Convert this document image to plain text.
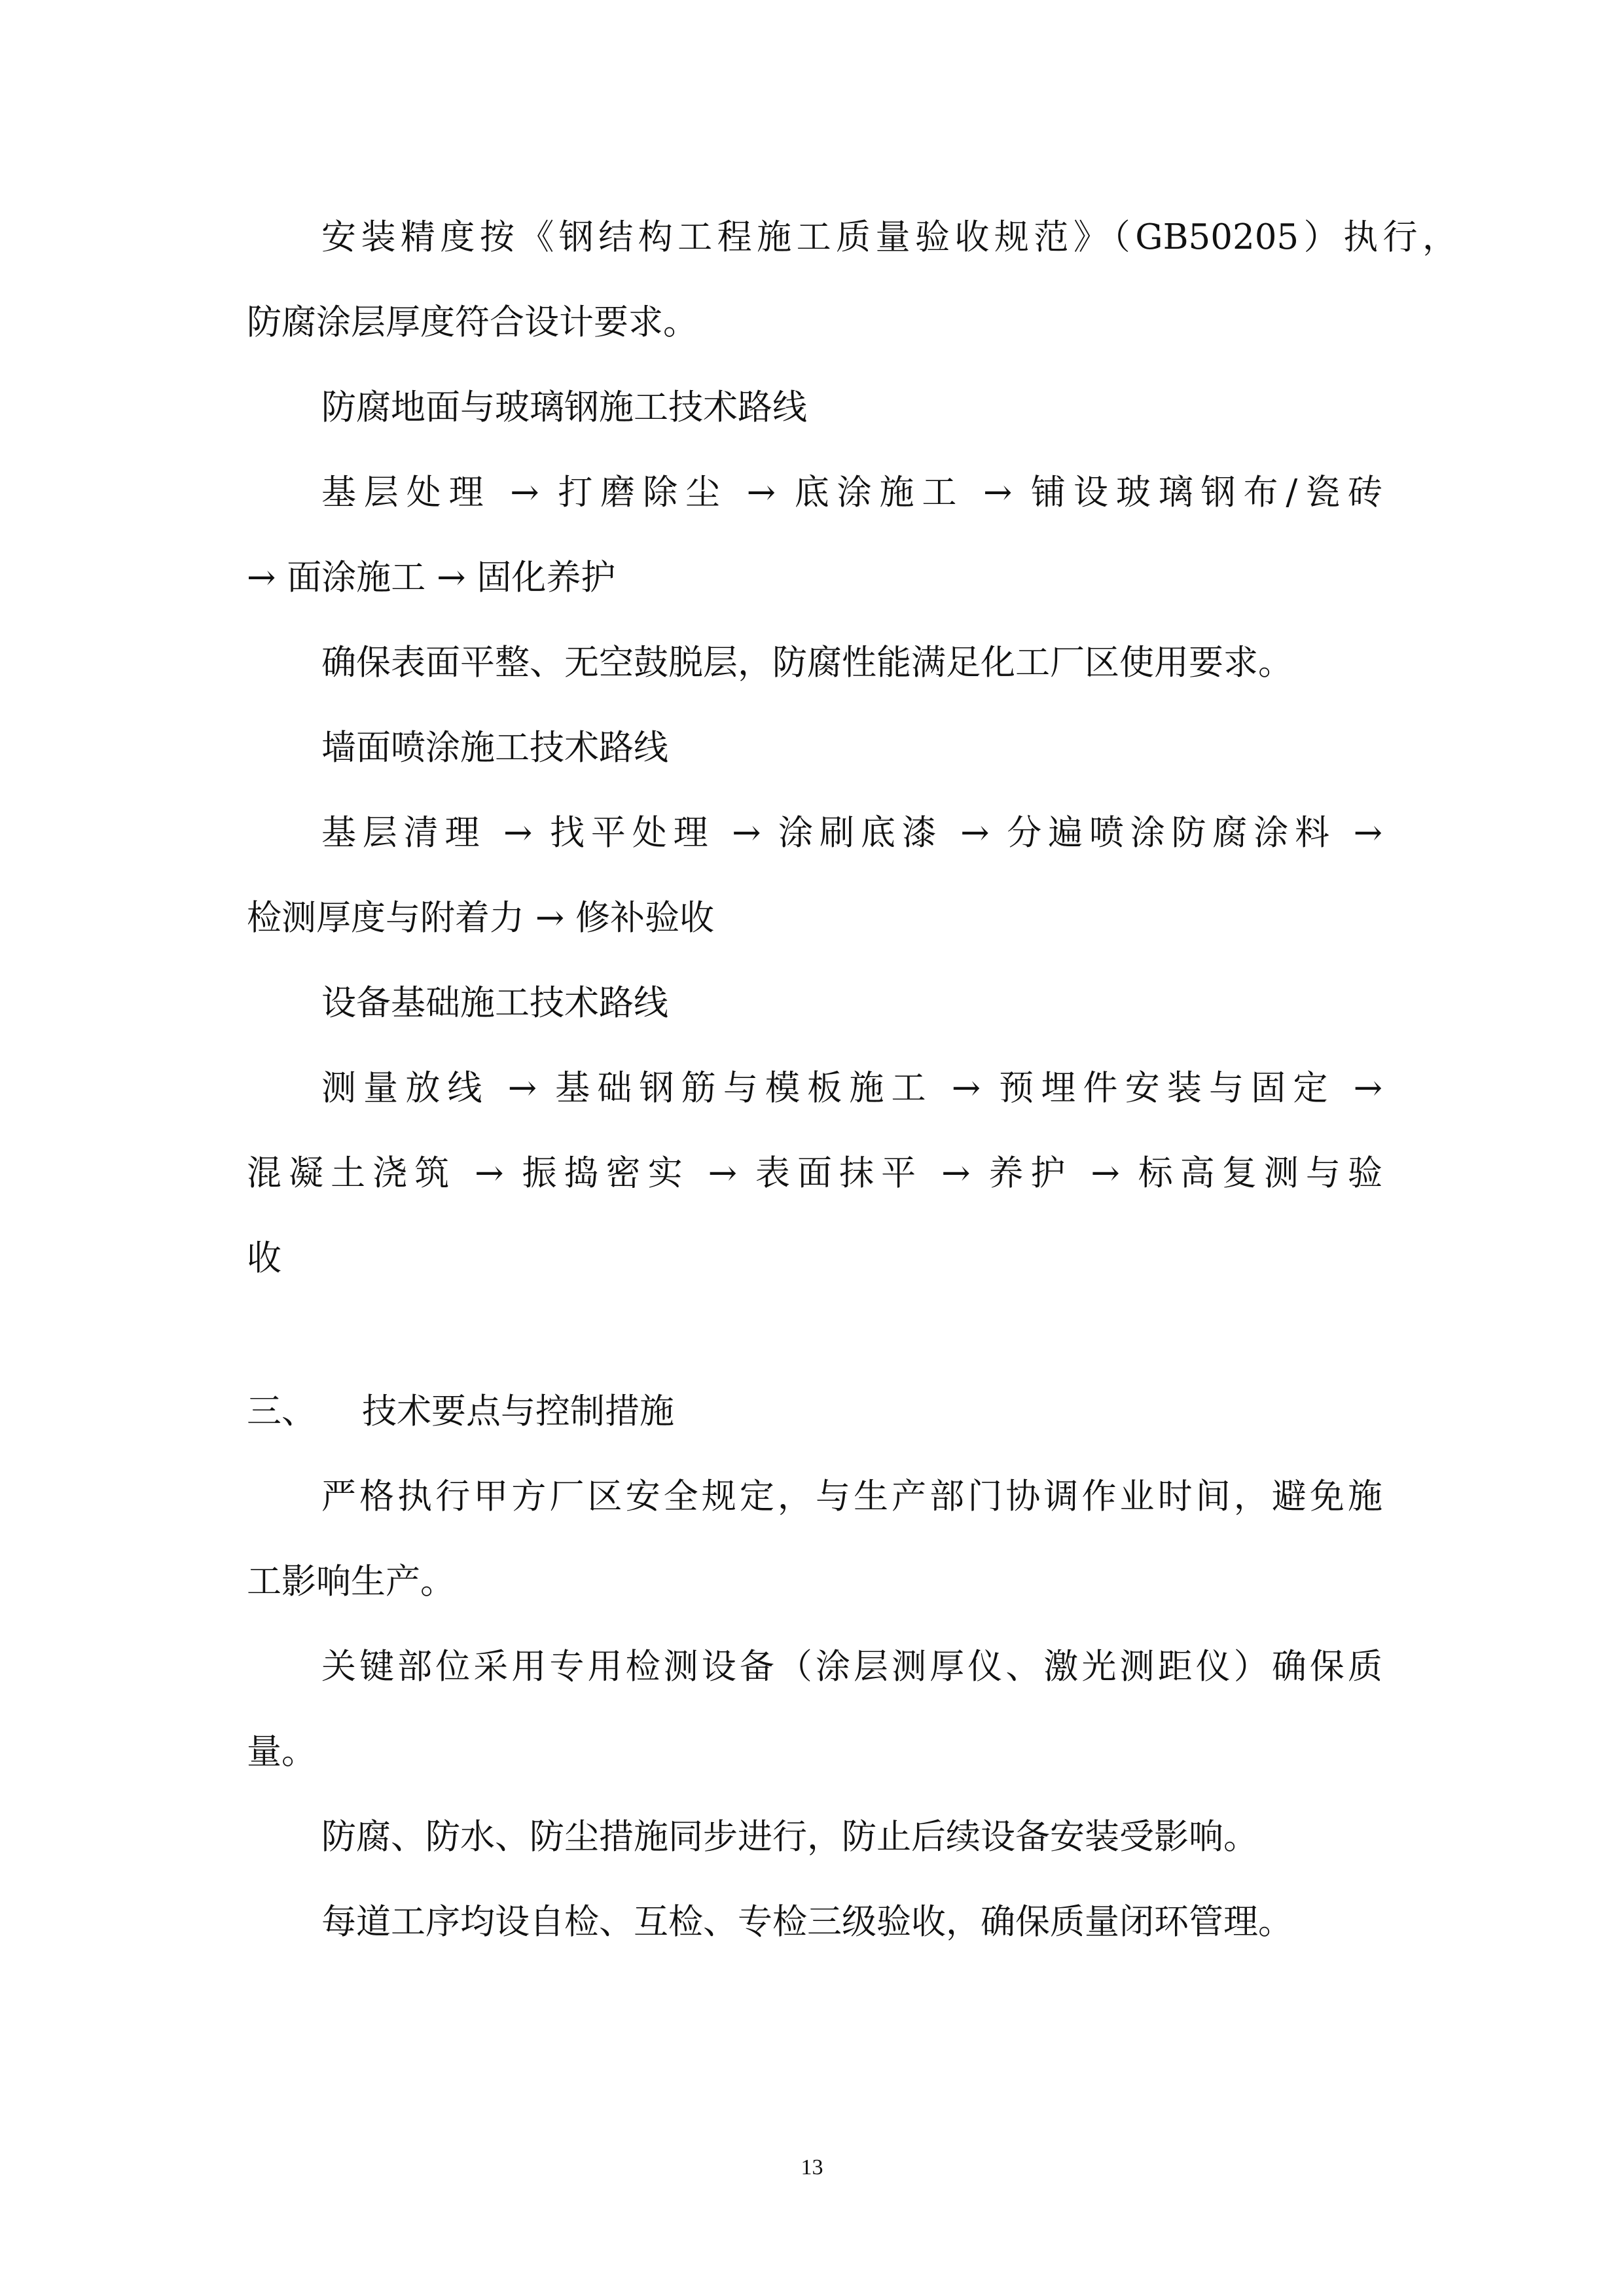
安装精度按《钢结构工程施工质量验收规范》（GB50205）执行，

防腐涂层厚度符合设计要求。

防腐地面与玻璃钢施工技术路线

基层处理 → 打磨除尘 → 底涂施工 → 铺设玻璃钢布/瓷砖

→ 面涂施工 → 固化养护

确保表面平整、无空鼓脱层，防腐性能满足化工厂区使用要求。

墙面喷涂施工技术路线

基层清理 → 找平处理 → 涂刷底漆 → 分遍喷涂防腐涂料 →

检测厚度与附着力 → 修补验收

设备基础施工技术路线

测量放线 → 基础钢筋与模板施工 → 预埋件安装与固定 →

混凝土浇筑 → 振捣密实 → 表面抹平 → 养护 → 标高复测与验

收

三、 技术要点与控制措施

严格执行甲方厂区安全规定，与生产部门协调作业时间，避免施

工影响生产。

关键部位采用专用检测设备（涂层测厚仪、激光测距仪）确保质

量。

防腐、防水、防尘措施同步进行，防止后续设备安装受影响。

每道工序均设自检、互检、专检三级验收，确保质量闭环管理。

13
